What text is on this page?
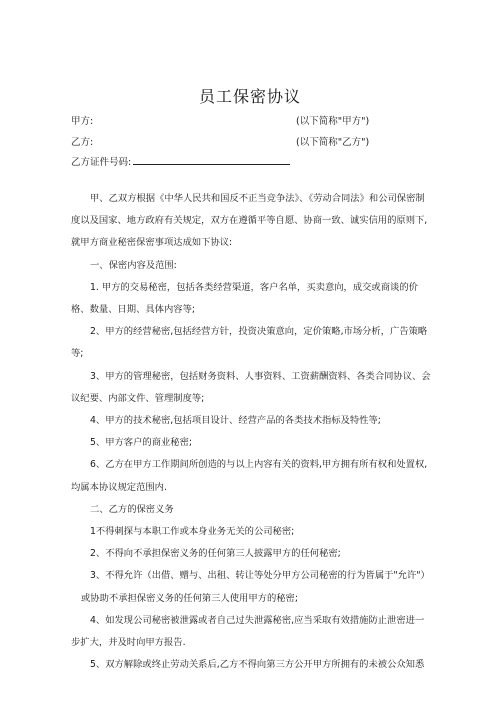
员工保密协议
甲方:	(以下简称"甲方")
乙方:	(以下简称"乙方")
乙方证件号码:

甲、乙双方根据《中华人民共和国反不正当竞争法》、《劳动合同法》和公司保密制度以及国家、地方政府有关规定，双方在遵循平等自愿、协商一致、诚实信用的原则下,就甲方商业秘密保密事项达成如下协议:

一、保密内容及范围:

1. 甲方的交易秘密，包括各类经营渠道，客户名单，买卖意向，成交或商谈的价格、数量、日期、具体内容等;

2、甲方的经营秘密,包括经营方针，投资决策意向，定价策略,市场分析，广告策略等;

3、甲方的管理秘密，包括财务资料、人事资料、工资薪酬资料、各类合同协议、会议纪要、内部文件、管理制度等;

4、甲方的技术秘密,包括项目设计、经营产品的各类技术指标及特性等;

5、甲方客户的商业秘密;

6、乙方在甲方工作期间所创造的与以上内容有关的资料,甲方拥有所有权和处置权,均属本协议规定范围内.

二、乙方的保密义务

1不得刺探与本职工作或本身业务无关的公司秘密;

2、不得向不承担保密义务的任何第三人披露甲方的任何秘密;

3、不得允许（出借、赠与、出租、转让等处分甲方公司秘密的行为皆属于"允许"）

或协助不承担保密义务的任何第三人使用甲方的秘密;

4、如发现公司秘密被泄露或者自己过失泄露秘密,应当采取有效措施防止泄密进一步扩大，并及时向甲方报告.

5、双方解除或终止劳动关系后,乙方不得向第三方公开甲方所拥有的未被公众知悉
